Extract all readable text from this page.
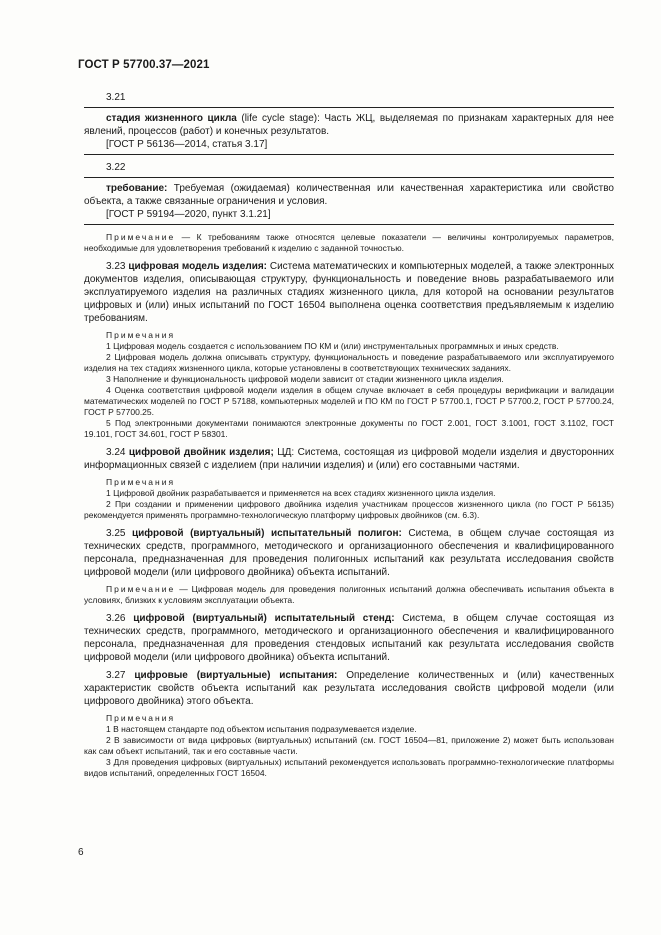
ГОСТ Р 57700.37—2021
3.21
стадия жизненного цикла (life cycle stage): Часть ЖЦ, выделяемая по признакам характерных для нее явлений, процессов (работ) и конечных результатов.
[ГОСТ Р 56136—2014, статья 3.17]
3.22
требование: Требуемая (ожидаемая) количественная или качественная характеристика или свойство объекта, а также связанные ограничения и условия.
[ГОСТ Р 59194—2020, пункт 3.1.21]

Примечание — К требованиям также относятся целевые показатели — величины контролируемых параметров, необходимые для удовлетворения требований к изделию с заданной точностью.

3.23 цифровая модель изделия: Система математических и компьютерных моделей, а также электронных документов изделия, описывающая структуру, функциональность и поведение вновь разрабатываемого или эксплуатируемого изделия на различных стадиях жизненного цикла, для которой на основании результатов цифровых и (или) иных испытаний по ГОСТ 16504 выполнена оценка соответствия предъявляемым к изделию требованиям.

Примечания

1 Цифровая модель создается с использованием ПО КМ и (или) инструментальных программных и иных средств.

2 Цифровая модель должна описывать структуру, функциональность и поведение разрабатываемого или эксплуатируемого изделия на тех стадиях жизненного цикла, которые установлены в соответствующих технических заданиях.

3 Наполнение и функциональность цифровой модели зависит от стадии жизненного цикла изделия.

4 Оценка соответствия цифровой модели изделия в общем случае включает в себя процедуры верификации и валидации математических моделей по ГОСТ Р 57188, компьютерных моделей и ПО КМ по ГОСТ Р 57700.1, ГОСТ Р 57700.2, ГОСТ Р 57700.24, ГОСТ Р 57700.25.

5 Под электронными документами понимаются электронные документы по ГОСТ 2.001, ГОСТ 3.1001, ГОСТ 3.1102, ГОСТ 19.101, ГОСТ 34.601, ГОСТ Р 58301.

3.24 цифровой двойник изделия; ЦД: Система, состоящая из цифровой модели изделия и двусторонних информационных связей с изделием (при наличии изделия) и (или) его составными частями.

Примечания

1 Цифровой двойник разрабатывается и применяется на всех стадиях жизненного цикла изделия.

2 При создании и применении цифрового двойника изделия участникам процессов жизненного цикла (по ГОСТ Р 56135) рекомендуется применять программно-технологическую платформу цифровых двойников (см. 6.3).

3.25 цифровой (виртуальный) испытательный полигон: Система, в общем случае состоящая из технических средств, программного, методического и организационного обеспечения и квалифицированного персонала, предназначенная для проведения полигонных испытаний как результата исследования свойств цифровой модели (или цифрового двойника) объекта испытаний.

Примечание — Цифровая модель для проведения полигонных испытаний должна обеспечивать испытания объекта в условиях, близких к условиям эксплуатации объекта.

3.26 цифровой (виртуальный) испытательный стенд: Система, в общем случае состоящая из технических средств, программного, методического и организационного обеспечения и квалифицированного персонала, предназначенная для проведения стендовых испытаний как результата исследования свойств цифровой модели (или цифрового двойника) объекта испытаний.

3.27 цифровые (виртуальные) испытания: Определение количественных и (или) качественных характеристик свойств объекта испытаний как результата исследования свойств цифровой модели (или цифрового двойника) этого объекта.

Примечания

1 В настоящем стандарте под объектом испытания подразумевается изделие.

2 В зависимости от вида цифровых (виртуальных) испытаний (см. ГОСТ 16504—81, приложение 2) может быть использован как сам объект испытаний, так и его составные части.

3 Для проведения цифровых (виртуальных) испытаний рекомендуется использовать программно-технологические платформы видов испытаний, определенных ГОСТ 16504.

6
